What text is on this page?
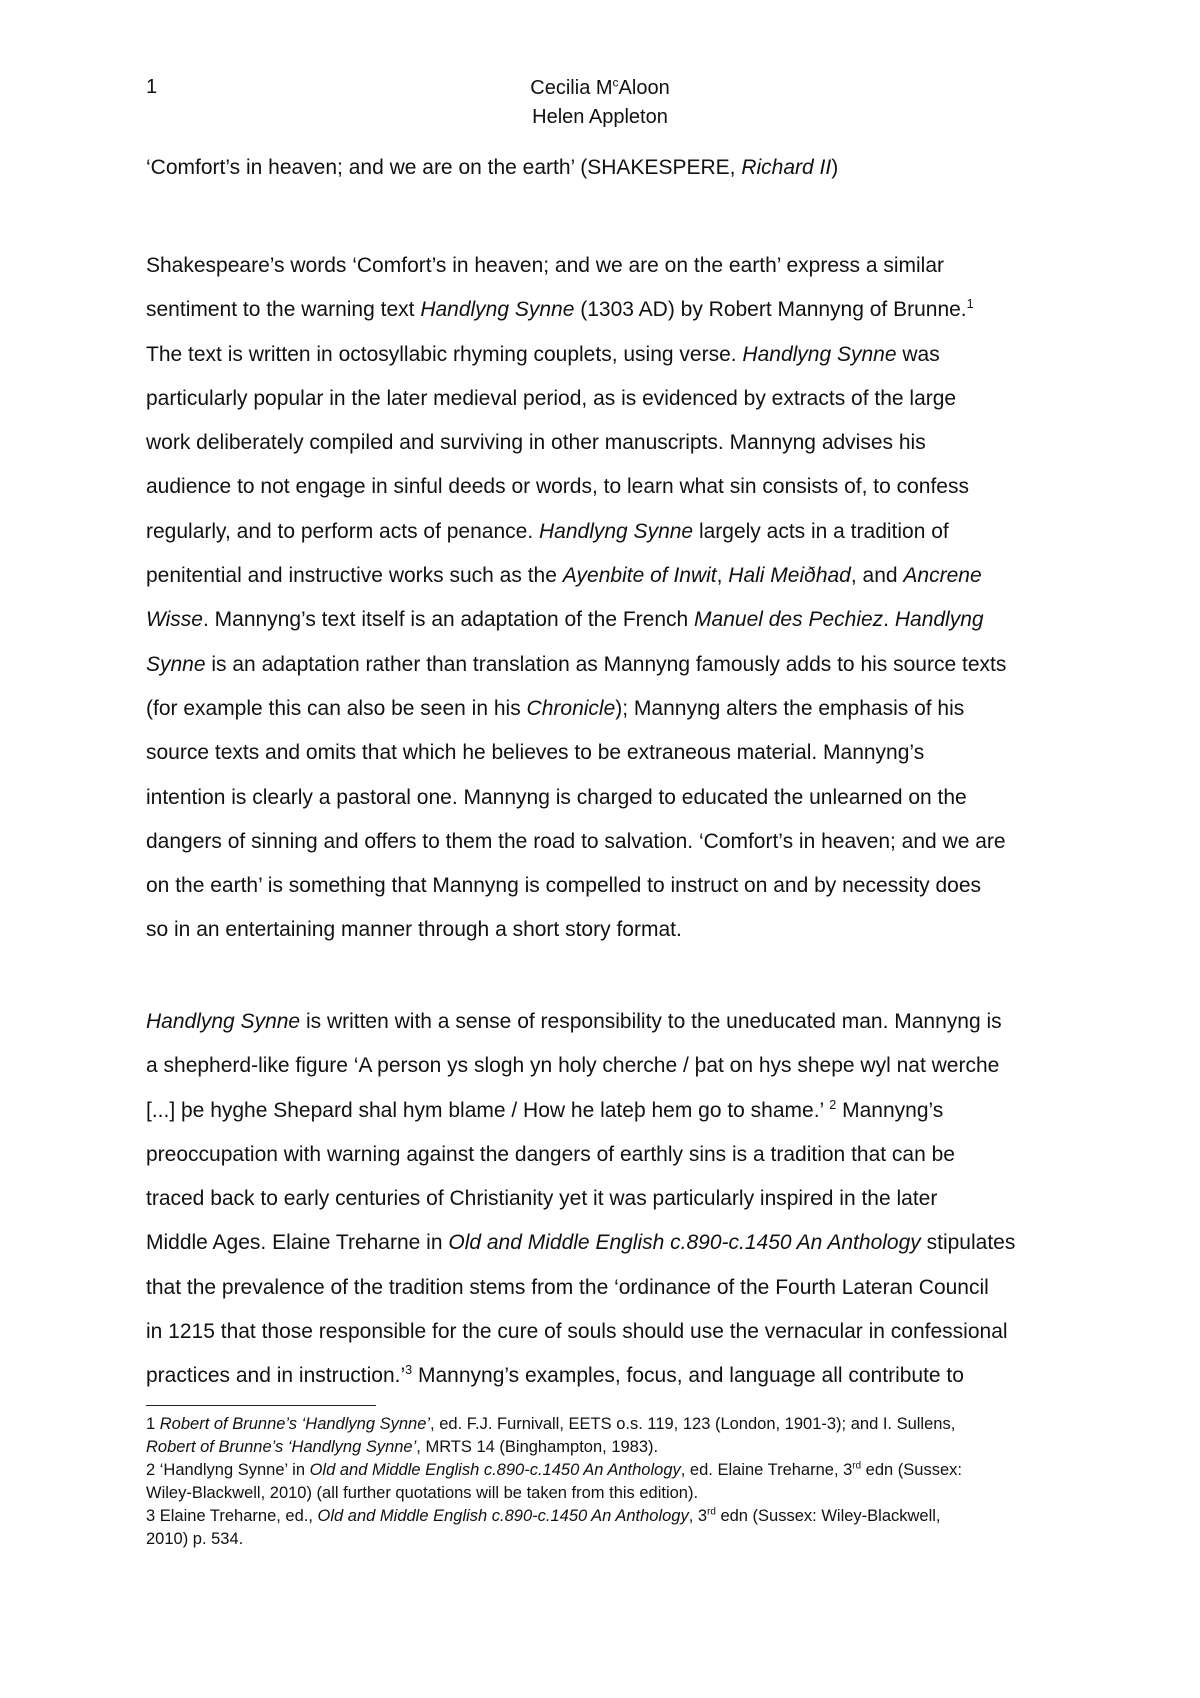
1	Cecilia $M^cAloon$
Helen Appleton
‘Comfort’s in heaven; and we are on the earth’ (SHAKESPERE, Richard II)
Shakespeare’s words ‘Comfort’s in heaven; and we are on the earth’ express a similar
sentiment to the warning text Handlyng Synne (1303 AD) by Robert Mannyng of Brunne.$^1$
The text is written in octosyllabic rhyming couplets, using verse. Handlyng Synne was
particularly popular in the later medieval period, as is evidenced by extracts of the large
work deliberately compiled and surviving in other manuscripts. Mannyng advises his
audience to not engage in sinful deeds or words, to learn what sin consists of, to confess
regularly, and to perform acts of penance. Handlyng Synne largely acts in a tradition of
penitential and instructive works such as the Ayenbite of Inwit, Hali Meiðhad, and Ancrene
Wisse. Mannyng’s text itself is an adaptation of the French Manuel des Pechiez. Handlyng
Synne is an adaptation rather than translation as Mannyng famously adds to his source texts
(for example this can also be seen in his Chronicle); Mannyng alters the emphasis of his
source texts and omits that which he believes to be extraneous material. Mannyng’s
intention is clearly a pastoral one. Mannyng is charged to educated the unlearned on the
dangers of sinning and offers to them the road to salvation. ‘Comfort’s in heaven; and we are
on the earth’ is something that Mannyng is compelled to instruct on and by necessity does
so in an entertaining manner through a short story format.
Handlyng Synne is written with a sense of responsibility to the uneducated man. Mannyng is
a shepherd-like figure ‘A person ys slogh yn holy cherche / þat on hys shepe wyl nat werche
[...] þe hyghe Shepard shal hym blame / How he lateþ hem go to shame.’ $^2$ Mannyng’s
preoccupation with warning against the dangers of earthly sins is a tradition that can be
traced back to early centuries of Christianity yet it was particularly inspired in the later
Middle Ages. Elaine Treharne in Old and Middle English c.890-c.1450 An Anthology stipulates
that the prevalence of the tradition stems from the ‘ordinance of the Fourth Lateran Council
in 1215 that those responsible for the cure of souls should use the vernacular in confessional
practices and in instruction.’$^3$ Mannyng’s examples, focus, and language all contribute to
1 Robert of Brunne’s ‘Handlyng Synne’, ed. F.J. Furnivall, EETS o.s. 119, 123 (London, 1901-3); and I. Sullens,
Robert of Brunne’s ‘Handlyng Synne’, MRTS 14 (Binghampton, 1983).
2 ‘Handlyng Synne’ in Old and Middle English c.890-c.1450 An Anthology, ed. Elaine Treharne, 3rd edn (Sussex:
Wiley-Blackwell, 2010) (all further quotations will be taken from this edition).
3 Elaine Treharne, ed., Old and Middle English c.890-c.1450 An Anthology, 3rd edn (Sussex: Wiley-Blackwell,
2010) p. 534.
